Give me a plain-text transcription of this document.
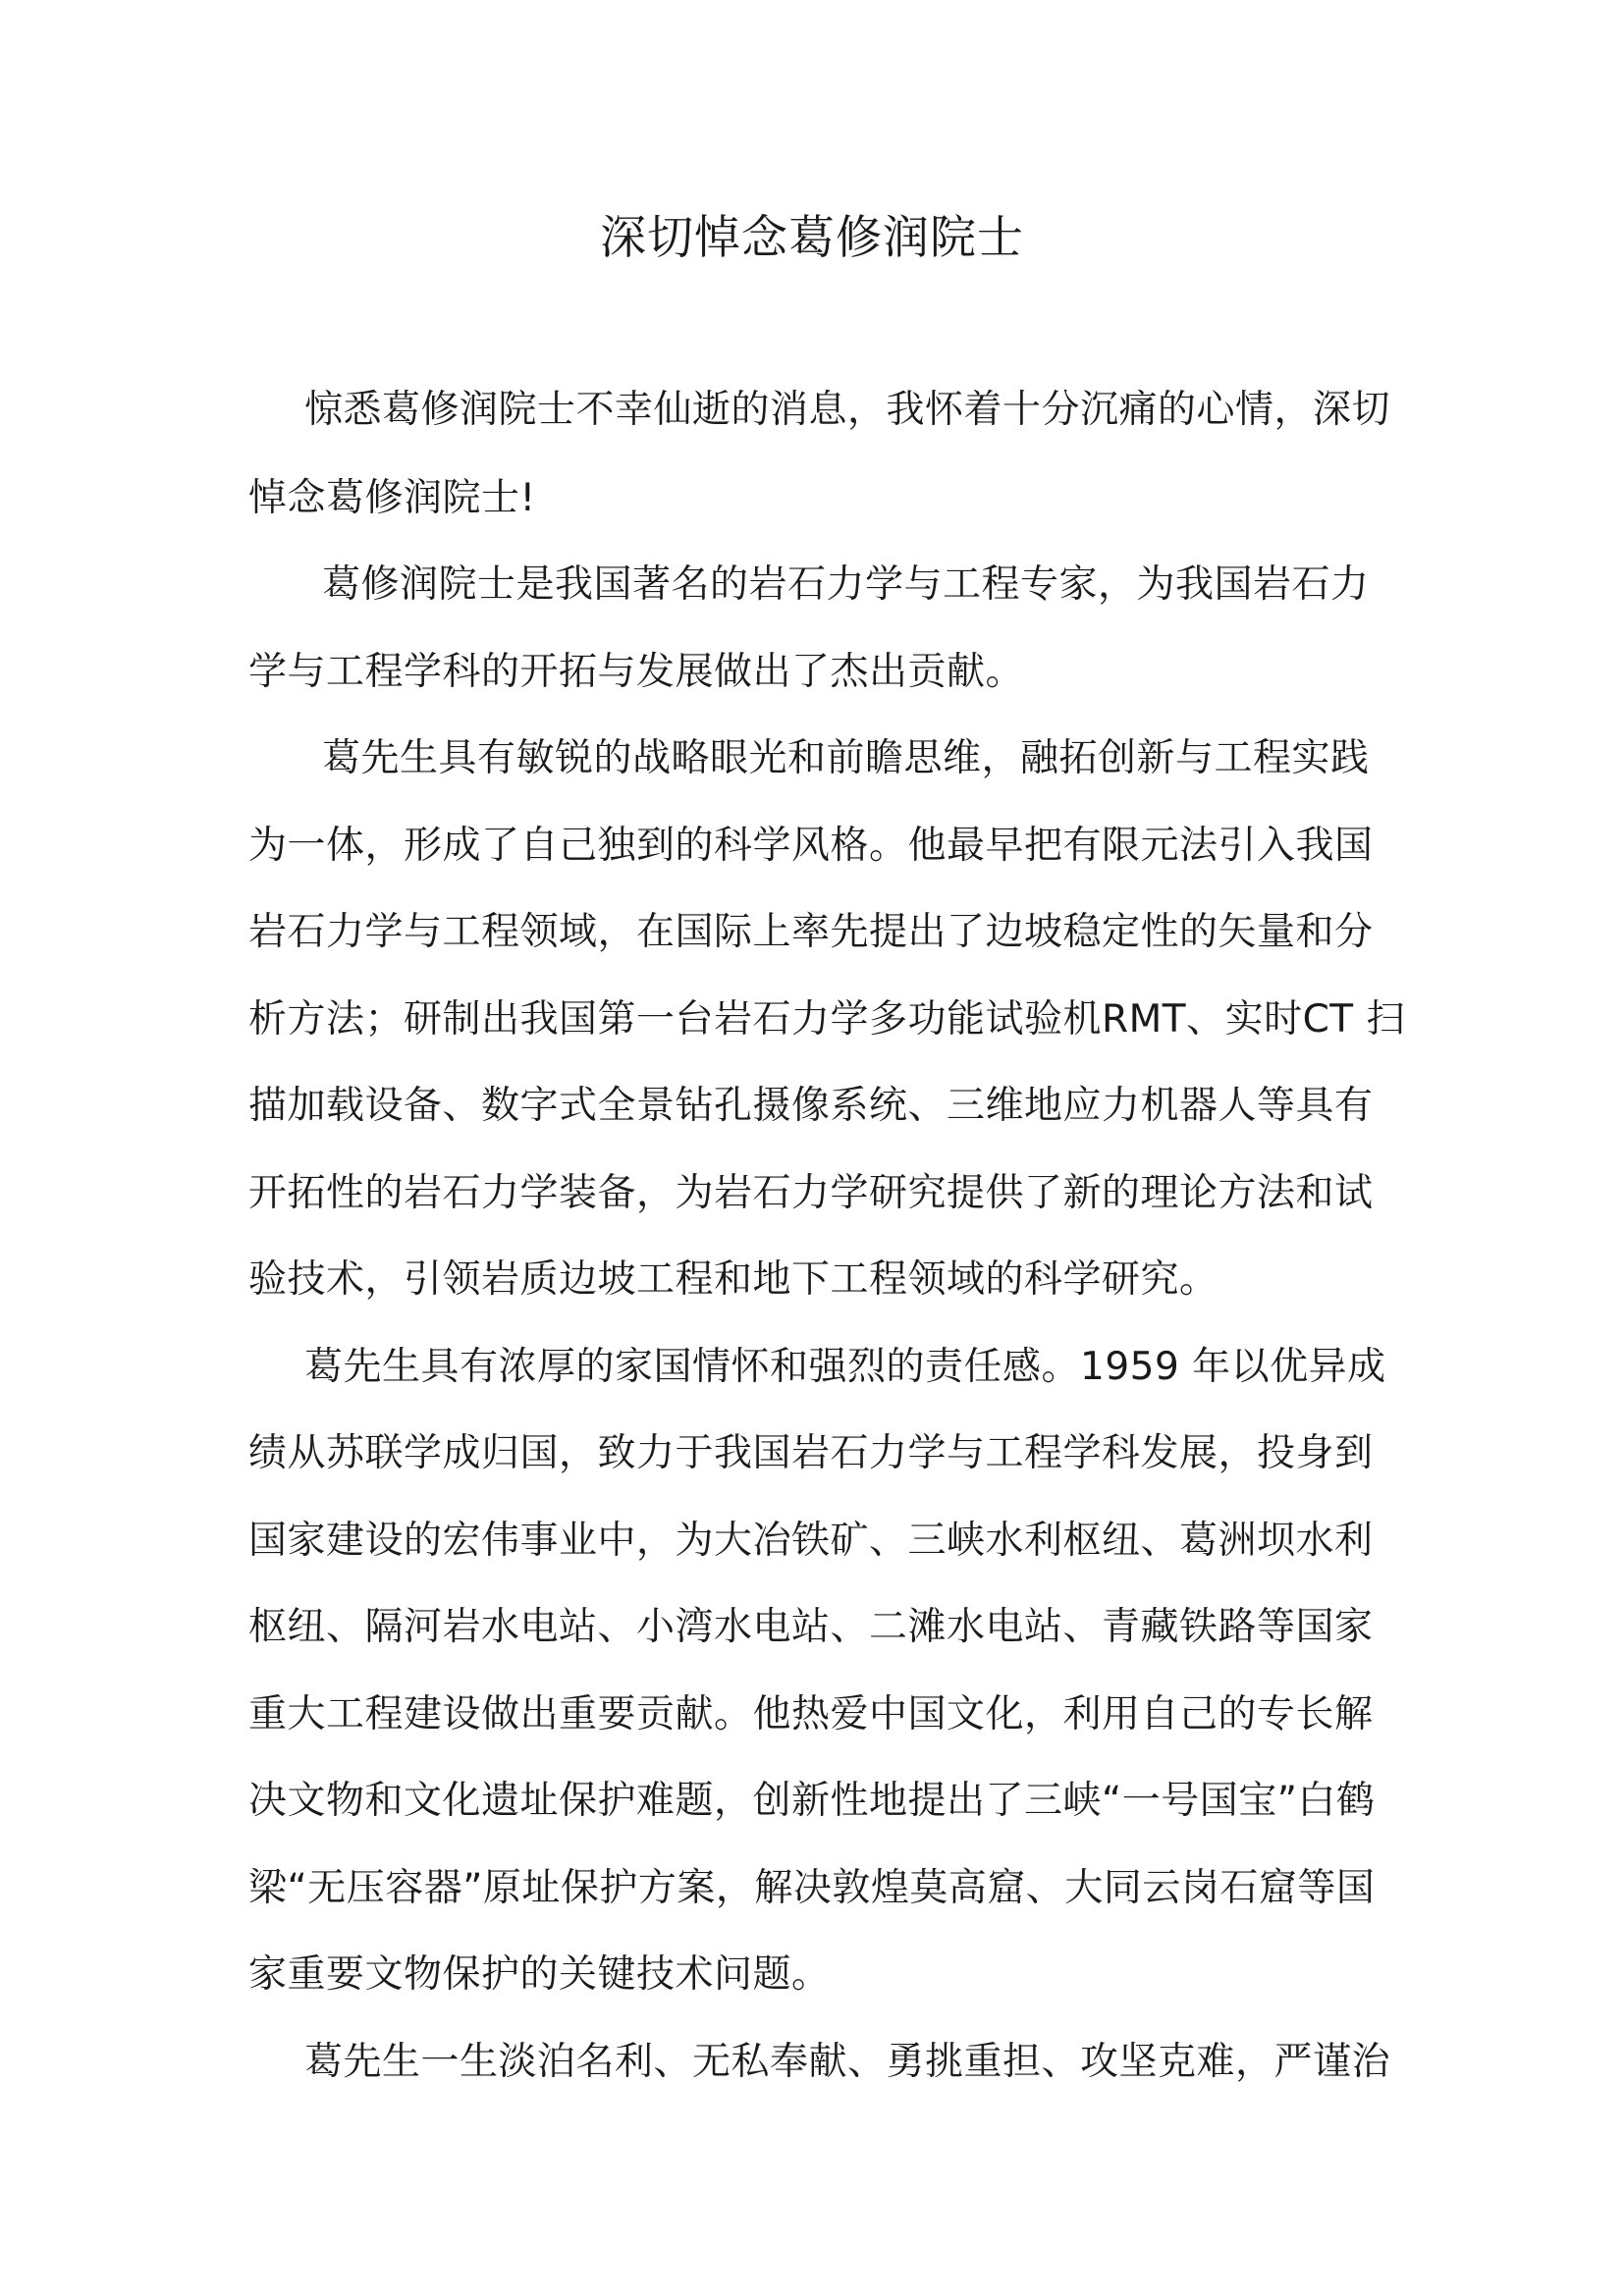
深切悼念葛修润院士
惊悉葛修润院士不幸仙逝的消息，我怀着十分沉痛的心情，深切
悼念葛修润院士!
葛修润院士是我国著名的岩石力学与工程专家，为我国岩石力
学与工程学科的开拓与发展做出了杰出贡献。
葛先生具有敏锐的战略眼光和前瞻思维，融拓创新与工程实践
为一体，形成了自己独到的科学风格。他最早把有限元法引入我国
岩石力学与工程领域，在国际上率先提出了边坡稳定性的矢量和分
析方法；研制出我国第一台岩石力学多功能试验机RMT、实时CT 扫
描加载设备、数字式全景钻孔摄像系统、三维地应力机器人等具有
开拓性的岩石力学装备，为岩石力学研究提供了新的理论方法和试
验技术，引领岩质边坡工程和地下工程领域的科学研究。
葛先生具有浓厚的家国情怀和强烈的责任感。1959 年以优异成
绩从苏联学成归国，致力于我国岩石力学与工程学科发展，投身到
国家建设的宏伟事业中，为大冶铁矿、三峡水利枢纽、葛洲坝水利
枢纽、隔河岩水电站、小湾水电站、二滩水电站、青藏铁路等国家
重大工程建设做出重要贡献。他热爱中国文化，利用自己的专长解
决文物和文化遗址保护难题，创新性地提出了三峡“一号国宝”白鹤
梁“无压容器”原址保护方案，解决敦煌莫高窟、大同云岗石窟等国
家重要文物保护的关键技术问题。
葛先生一生淡泊名利、无私奉献、勇挑重担、攻坚克难，严谨治
